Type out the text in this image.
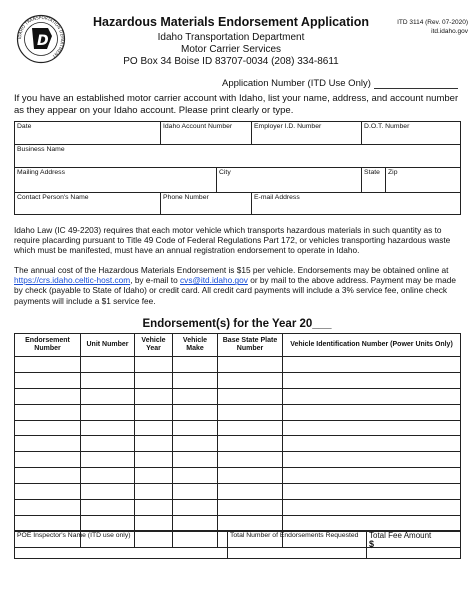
IDAHO TRANSPORTATION DEPARTMENT
D
Hazardous Materials Endorsement Application
Idaho Transportation Department
Motor Carrier Services
PO Box 34 Boise ID 83707-0034 (208) 334-8611
ITD 3114 (Rev. 07-2020)
itd.idaho.gov
Application Number (ITD Use Only)
If you have an established motor carrier account with Idaho, list your name, address, and account number as they appear on your Idaho account. Please print clearly or type.
Date	Idaho Account Number		Employer I.D. Number	D.O.T. Number	
Business Name					
Mailing Address		City		State	Zip
Contact Person's Name	Phone Number		E-mail Address		
Idaho Law (IC 49-2203) requires that each motor vehicle which transports hazardous materials in such quantity as to require placarding pursuant to Title 49 Code of Federal Regulations Part 172, or vehicles transporting hazardous waste which must be manifested, must have an annual registration endorsement to operate in Idaho.
The annual cost of the Hazardous Materials Endorsement is $15 per vehicle. Endorsements may be obtained online at https://crs.idaho.celtic-host.com, by e-mail to cvs@itd.idaho.gov or by mail to the above address. Payment may be made by check (payable to State of Idaho) or credit card. All credit card payments will include a 3% service fee, online check payments will include a $1 service fee.
Endorsement(s) for the Year 20___
Endorsement Number	Unit Number	Vehicle Year	Vehicle Make	Base State Plate Number	Vehicle Identification Number (Power Units Only)

POE Inspector's Name (ITD use only)	Total Number of Endorsements Requested	Total Fee Amount
$
